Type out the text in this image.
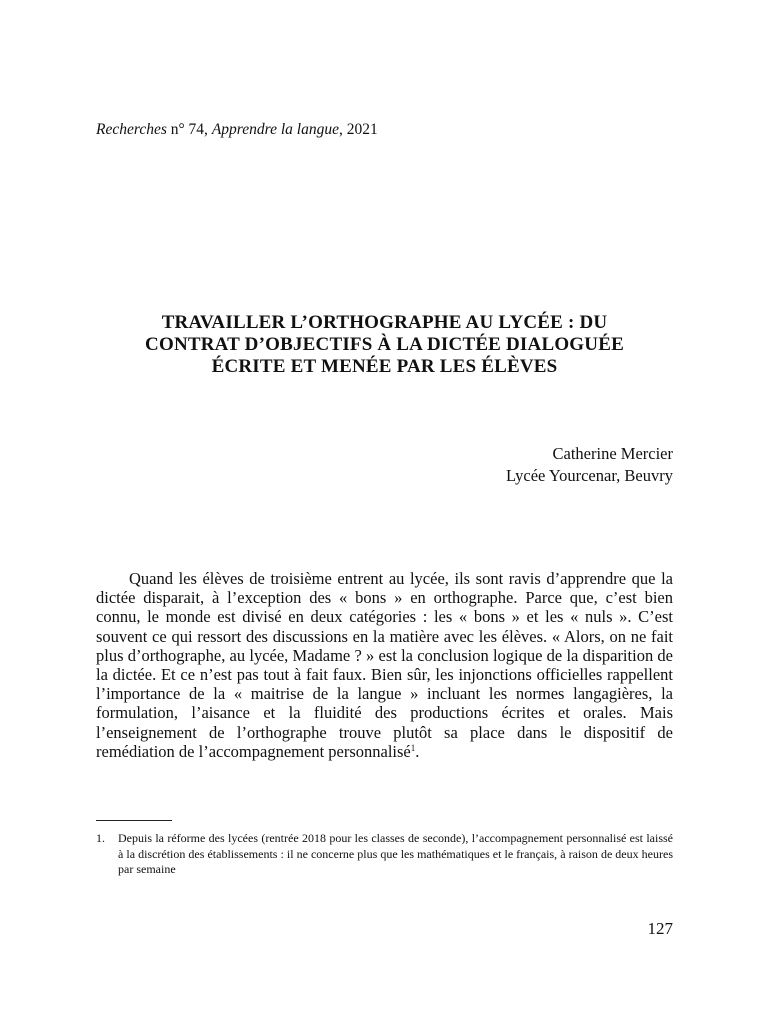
Recherches n° 74, Apprendre la langue, 2021
TRAVAILLER L’ORTHOGRAPHE AU LYCÉE : DU
CONTRAT D’OBJECTIFS À LA DICTÉE DIALOGUÉE
ÉCRITE ET MENÉE PAR LES ÉLÈVES
Catherine Mercier
Lycée Yourcenar, Beuvry

Quand les élèves de troisième entrent au lycée, ils sont ravis d’apprendre que la dictée disparait, à l’exception des « bons » en orthographe. Parce que, c’est bien connu, le monde est divisé en deux catégories : les « bons » et les « nuls ». C’est souvent ce qui ressort des discussions en la matière avec les élèves. « Alors, on ne fait plus d’orthographe, au lycée, Madame ? » est la conclusion logique de la disparition de la dictée. Et ce n’est pas tout à fait faux. Bien sûr, les injonctions officielles rappellent l’importance de la « maitrise de la langue » incluant les normes langagières, la formulation, l’aisance et la fluidité des productions écrites et orales. Mais l’enseignement de l’orthographe trouve plutôt sa place dans le dispositif de remédiation de l’accompagnement personnalisé$^1$.

1.	Depuis la réforme des lycées (rentrée 2018 pour les classes de seconde), l’accompagnement personnalisé est laissé à la discrétion des établissements : il ne concerne plus que les mathématiques et le français, à raison de deux heures par semaine
127
